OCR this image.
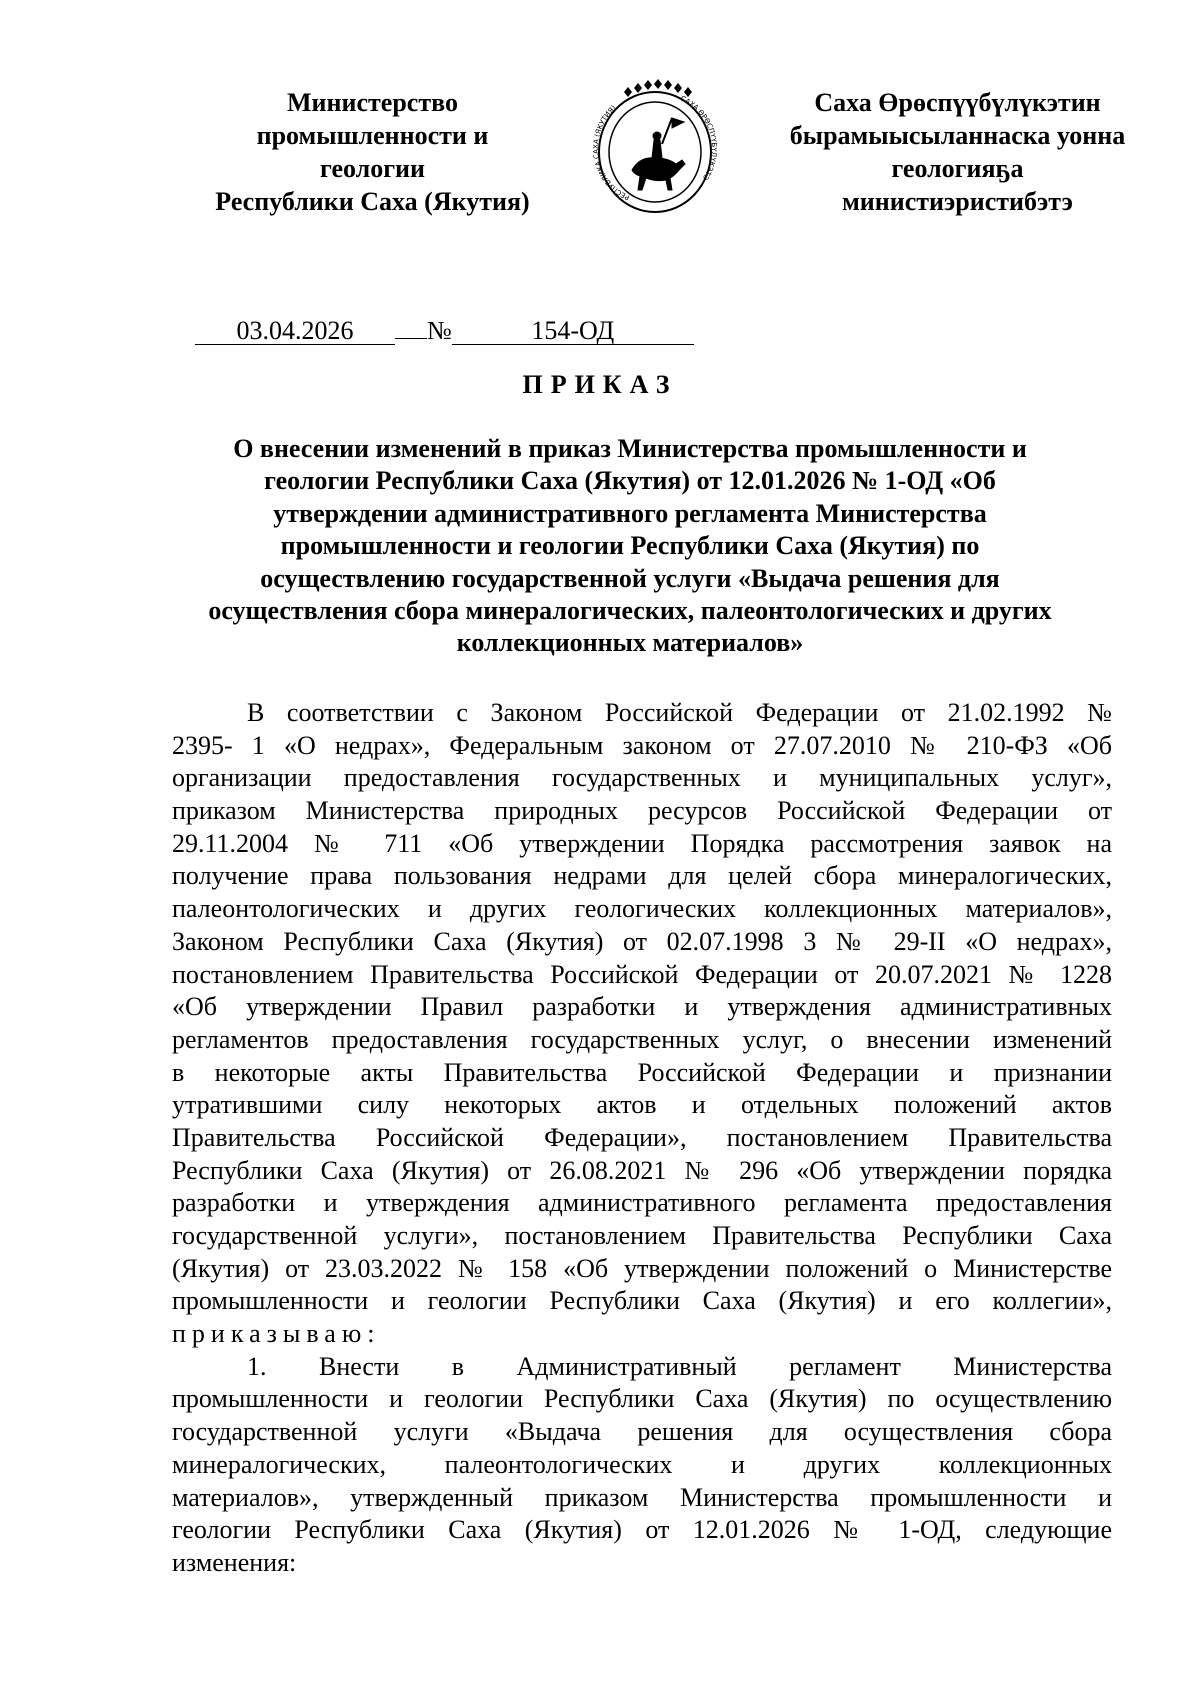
Министерство
промышленности и
геологии
Республики Саха (Якутия)	РЕСПУБЛИКА САХА (ЯКУТИЯ)
САХА ӨРӨСПҮҮБҮЛҮКЭТЭ
Саха Өрөспүүбүлүкэтин
бырамыысыланнаска уонна
геологияҕа
министиэристибэтэ
03.04.2026	№	154-ОД
ПРИКАЗ
О внесении изменений в приказ Министерства промышленности и
геологии Республики Саха (Якутия) от 12.01.2026 № 1-ОД «Об
утверждении административного регламента Министерства
промышленности и геологии Республики Саха (Якутия) по
осуществлению государственной услуги «Выдача решения для
осуществления сбора минералогических, палеонтологических и других
коллекционных материалов»
В соответствии с Законом Российской Федерации от 21.02.1992 №
2395- 1 «О недрах», Федеральным законом от 27.07.2010 № 210-ФЗ «Об
организации предоставления государственных и муниципальных услуг»,
приказом Министерства природных ресурсов Российской Федерации от
29.11.2004 № 711 «Об утверждении Порядка рассмотрения заявок на
получение права пользования недрами для целей сбора минералогических,
палеонтологических и других геологических коллекционных материалов»,
Законом Республики Саха (Якутия) от 02.07.1998 3 № 29-II «О недрах»,
постановлением Правительства Российской Федерации от 20.07.2021 № 1228
«Об утверждении Правил разработки и утверждения административных
регламентов предоставления государственных услуг, о внесении изменений
в некоторые акты Правительства Российской Федерации и признании
утратившими силу некоторых актов и отдельных положений актов
Правительства Российской Федерации», постановлением Правительства
Республики Саха (Якутия) от 26.08.2021 № 296 «Об утверждении порядка
разработки и утверждения административного регламента предоставления
государственной услуги», постановлением Правительства Республики Саха
(Якутия) от 23.03.2022 № 158 «Об утверждении положений о Министерстве
промышленности и геологии Республики Саха (Якутия) и его коллегии»,
приказываю:
1. Внести в Административный регламент Министерства
промышленности и геологии Республики Саха (Якутия) по осуществлению
государственной услуги «Выдача решения для осуществления сбора
минералогических, палеонтологических и других коллекционных
материалов», утвержденный приказом Министерства промышленности и
геологии Республики Саха (Якутия) от 12.01.2026 № 1-ОД, следующие
изменения:
